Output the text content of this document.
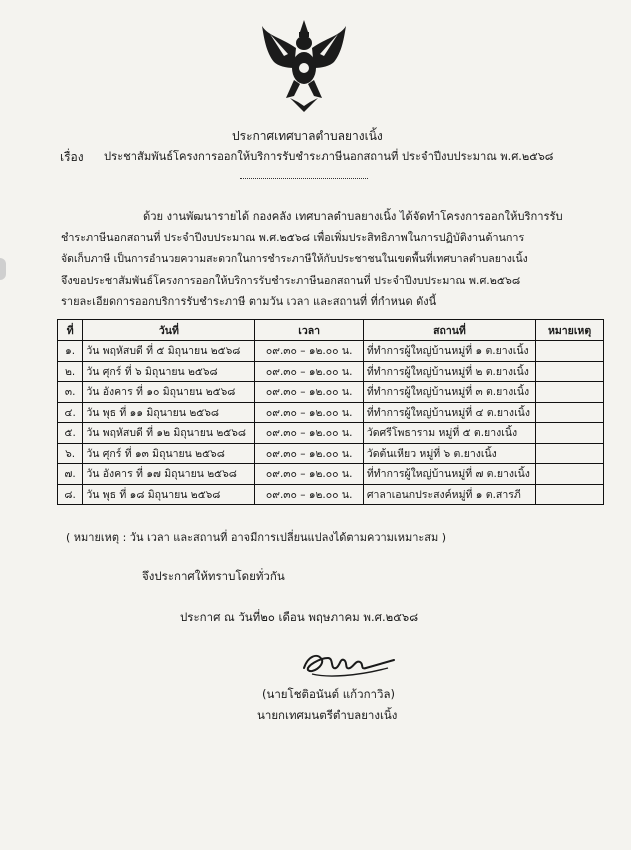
ประกาศเทศบาลตำบลยางเนิ้ง
เรื่อง ประชาสัมพันธ์โครงการออกให้บริการรับชำระภาษีนอกสถานที่ ประจำปีงบประมาณ พ.ศ.๒๕๖๘
ด้วย งานพัฒนารายได้ กองคลัง เทศบาลตำบลยางเนิ้ง ได้จัดทำโครงการออกให้บริการรับ
ชำระภาษีนอกสถานที่ ประจำปีงบประมาณ พ.ศ.๒๕๖๘ เพื่อเพิ่มประสิทธิภาพในการปฏิบัติงานด้านการ
จัดเก็บภาษี เป็นการอำนวยความสะดวกในการชำระภาษีให้กับประชาชนในเขตพื้นที่เทศบาลตำบลยางเนิ้ง
จึงขอประชาสัมพันธ์โครงการออกให้บริการรับชำระภาษีนอกสถานที่ ประจำปีงบประมาณ พ.ศ.๒๕๖๘
รายละเอียดการออกบริการรับชำระภาษี ตามวัน เวลา และสถานที่ ที่กำหนด ดังนี้
ที่	วันที่	เวลา	สถานที่	หมายเหตุ
๑.	วัน พฤหัสบดี ที่ ๕ มิถุนายน ๒๕๖๘	๐๙.๓๐ – ๑๒.๐๐ น.	ที่ทำการผู้ใหญ่บ้านหมู่ที่ ๑ ต.ยางเนิ้ง	
๒.	วัน ศุกร์ ที่ ๖ มิถุนายน ๒๕๖๘	๐๙.๓๐ – ๑๒.๐๐ น.	ที่ทำการผู้ใหญ่บ้านหมู่ที่ ๒ ต.ยางเนิ้ง	
๓.	วัน อังคาร ที่ ๑๐ มิถุนายน ๒๕๖๘	๐๙.๓๐ – ๑๒.๐๐ น.	ที่ทำการผู้ใหญ่บ้านหมู่ที่ ๓ ต.ยางเนิ้ง	
๔.	วัน พุธ ที่ ๑๑ มิถุนายน ๒๕๖๘	๐๙.๓๐ – ๑๒.๐๐ น.	ที่ทำการผู้ใหญ่บ้านหมู่ที่ ๔ ต.ยางเนิ้ง	
๕.	วัน พฤหัสบดี ที่ ๑๒ มิถุนายน ๒๕๖๘	๐๙.๓๐ – ๑๒.๐๐ น.	วัดศรีโพธาราม หมู่ที่ ๕ ต.ยางเนิ้ง	
๖.	วัน ศุกร์ ที่ ๑๓ มิถุนายน ๒๕๖๘	๐๙.๓๐ – ๑๒.๐๐ น.	วัดต้นเหียว หมู่ที่ ๖ ต.ยางเนิ้ง	
๗.	วัน อังคาร ที่ ๑๗ มิถุนายน ๒๕๖๘	๐๙.๓๐ – ๑๒.๐๐ น.	ที่ทำการผู้ใหญ่บ้านหมู่ที่ ๗ ต.ยางเนิ้ง	
๘.	วัน พุธ ที่ ๑๘ มิถุนายน ๒๕๖๘	๐๙.๓๐ – ๑๒.๐๐ น.	ศาลาเอนกประสงค์หมู่ที่ ๑ ต.สารภี	
( หมายเหตุ : วัน เวลา และสถานที่ อาจมีการเปลี่ยนแปลงได้ตามความเหมาะสม )
จึงประกาศให้ทราบโดยทั่วกัน
ประกาศ ณ วันที่๒๐ เดือน พฤษภาคม พ.ศ.๒๕๖๘
(นายโชติอนันต์ แก้วกาวิล)
นายกเทศมนตรีตำบลยางเนิ้ง
